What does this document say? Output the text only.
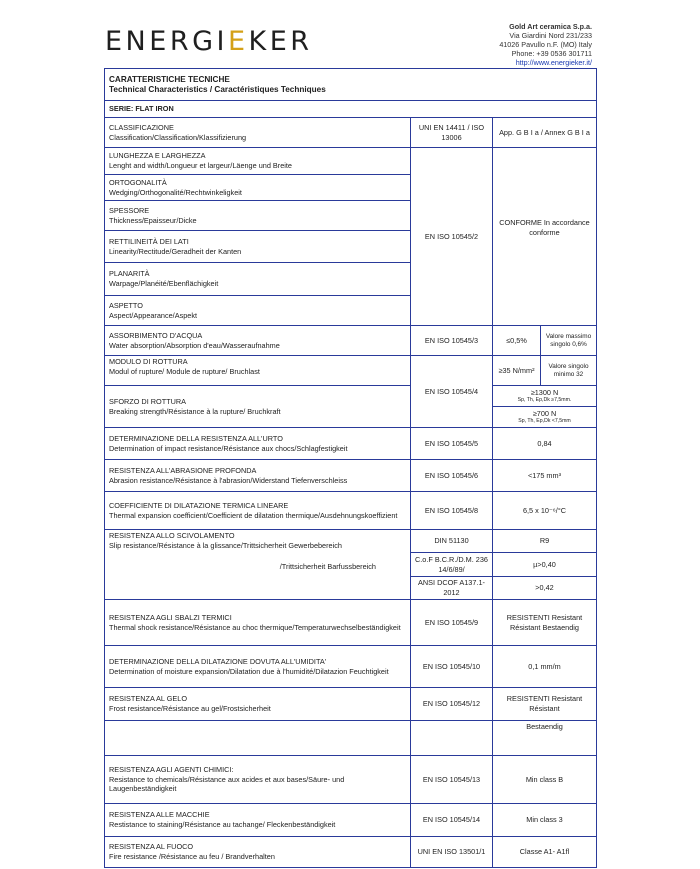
ENERGIEKER	Gold Art ceramica S.p.a.
Via Giardini Nord 231/233
41026 Pavullo n.F. (MO) Italy
Phone: +39 0536 301711
http://www.energieker.it/
CARATTERISTICHE TECNICHE
Technical Characteristics / Caractéristiques Techniques			

SERIE: FLAT IRON			

CLASSIFICAZIONE
Classification/Classification/Klassifizierung	UNI EN 14411 / ISO 13006	App. G B I a / Annex G B I a	

LUNGHEZZA E LARGHEZZA
Lenght and width/Longueur et largeur/Läenge und Breite	EN ISO 10545/2	CONFORME In accordance conforme	

ORTOGONALITÀ
Wedging/Orthogonalité/Rechtwinkeligkeit			

SPESSORE
Thickness/Epaisseur/Dicke			

RETTILINEITÀ DEI LATI
Linearity/Rectitude/Geradheit der Kanten			

PLANARITÀ
Warpage/Planéité/Ebenflächigkeit			

ASPETTO
Aspect/Appearance/Aspekt			

ASSORBIMENTO D'ACQUA
Water absorption/Absorption d'eau/Wasseraufnahme	EN ISO 10545/3	≤0,5%	Valore massimo singolo 0,6%

MODULO DI ROTTURA
Modul of rupture/ Module de rupture/ Bruchlast	EN ISO 10545/4	≥35 N/mm²	Valore singolo minimo 32

SFORZO DI ROTTURA
Breaking strength/Résistance à la rupture/ Bruchkraft		≥1300 N
Sp, Th, Ep,Dk ≥7,5mm.	

		≥700 N
Sp, Th, Ep,Dk <7,5mm	

DETERMINAZIONE DELLA RESISTENZA ALL'URTO
Determination of impact resistance/Résistance aux chocs/Schlagfestigkeit	EN ISO 10545/5	0,84	

RESISTENZA ALL'ABRASIONE PROFONDA
Abrasion resistance/Résistance à l'abrasion/Widerstand Tiefenverschleiss	EN ISO 10545/6	<175 mm³	

COEFFICIENTE DI DILATAZIONE TERMICA LINEARE
Thermal expansion coefficient/Coefficient de dilatation thermique/Ausdehnungskoeffizient	EN ISO 10545/8	6,5 x 10⁻⁶/°C	

RESISTENZA ALLO SCIVOLAMENTO
Slip resistance/Résistance à la glissance/Trittsicherheit Gewerbebereich
/Trittsicherheit Barfussbereich	DIN 51130	R9	
	C.o.F B.C.R./D.M. 236 14/6/89/	µ>0,40	
	ANSI DCOF A137.1-2012	>0,42	

RESISTENZA AGLI SBALZI TERMICI
Thermal shock resistance/Résistance au choc thermique/Temperaturwechselbeständigkeit	EN ISO 10545/9	RESISTENTI Resistant Résistant Bestaendig	

DETERMINAZIONE DELLA DILATAZIONE DOVUTA ALL'UMIDITA'
Determination of moisture expansion/Dilatation due à l'humidité/Dilatazion Feuchtigkeit	EN ISO 10545/10	0,1 mm/m	

RESISTENZA AL GELO
Frost resistance/Résistance au gel/Frostsicherheit	EN ISO 10545/12	RESISTENTI Resistant Résistant	
		Bestaendig	

RESISTENZA AGLI AGENTI CHIMICI:
Resistance to chemicals/Résistance aux acides et aux bases/Säure- und Laugenbeständigkeit	EN ISO 10545/13	Min class B	

RESISTENZA ALLE MACCHIE
Restistance to staining/Résistance au tachange/ Fleckenbeständigkeit	EN ISO 10545/14	Min class 3	

RESISTENZA AL FUOCO
Fire resistance /Résistance au feu / Brandverhalten	UNI EN ISO 13501/1	Classe A1- A1fl	
